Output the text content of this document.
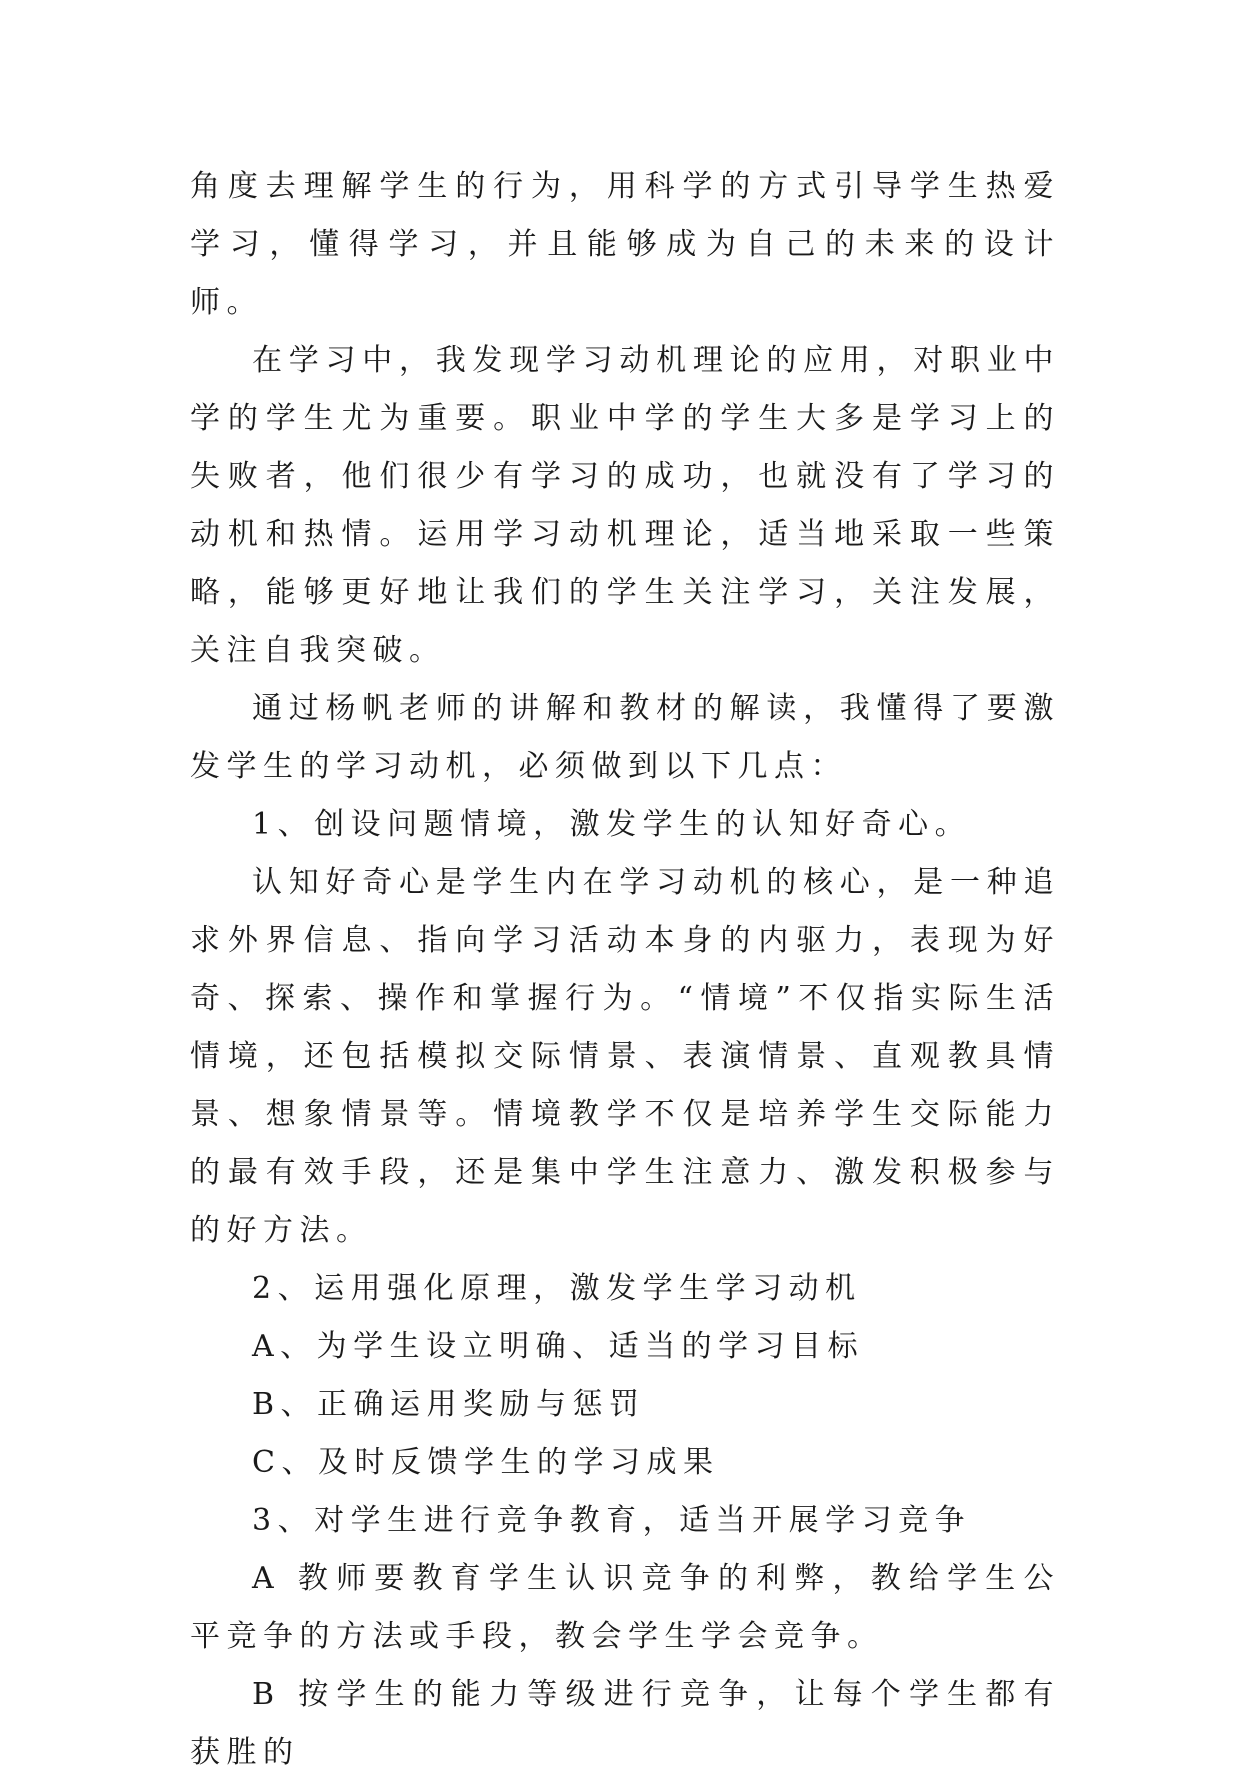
角度去理解学生的行为，用科学的方式引导学生热爱学习，懂得学习，并且能够成为自己的未来的设计师。

在学习中，我发现学习动机理论的应用，对职业中学的学生尤为重要。职业中学的学生大多是学习上的失败者，他们很少有学习的成功，也就没有了学习的动机和热情。运用学习动机理论，适当地采取一些策略，能够更好地让我们的学生关注学习，关注发展，关注自我突破。

通过杨帆老师的讲解和教材的解读，我懂得了要激发学生的学习动机，必须做到以下几点：

1、创设问题情境，激发学生的认知好奇心。

认知好奇心是学生内在学习动机的核心，是一种追求外界信息、指向学习活动本身的内驱力，表现为好奇、探索、操作和掌握行为。“情境”不仅指实际生活情境，还包括模拟交际情景、表演情景、直观教具情景、想象情景等。情境教学不仅是培养学生交际能力的最有效手段，还是集中学生注意力、激发积极参与的好方法。

2、运用强化原理，激发学生学习动机

A、为学生设立明确、适当的学习目标

B、正确运用奖励与惩罚

C、及时反馈学生的学习成果

3、对学生进行竞争教育，适当开展学习竞争

A 教师要教育学生认识竞争的利弊，教给学生公平竞争的方法或手段，教会学生学会竞争。

B 按学生的能力等级进行竞争，让每个学生都有获胜的
